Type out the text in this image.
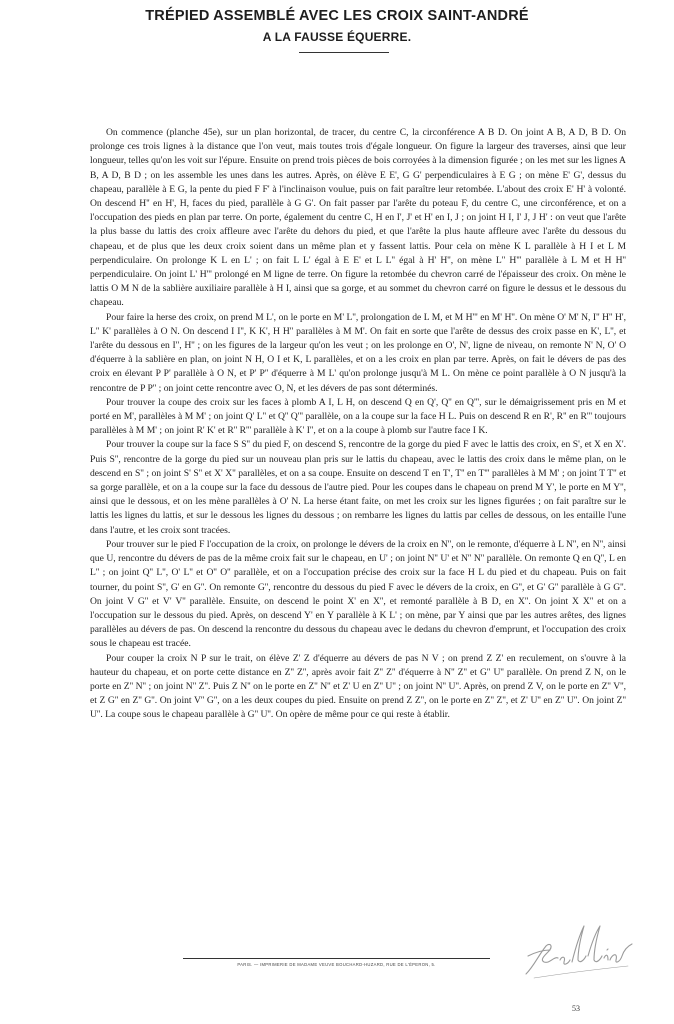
TRÉPIED ASSEMBLÉ AVEC LES CROIX SAINT-ANDRÉ
A LA FAUSSE ÉQUERRE.

On commence (planche 45e), sur un plan horizontal, de tracer, du centre C, la circonférence A B D. On joint A B, A D, B D. On prolonge ces trois lignes à la distance que l'on veut, mais toutes trois d'égale longueur. On figure la largeur des traverses, ainsi que leur longueur, telles qu'on les voit sur l'épure. Ensuite on prend trois pièces de bois corroyées à la dimension figurée ; on les met sur les lignes A B, A D, B D ; on les assemble les unes dans les autres. Après, on élève E E', G G' perpendiculaires à E G ; on mène E' G', dessus du chapeau, parallèle à E G, la pente du pied F F' à l'inclinaison voulue, puis on fait paraître leur retombée. L'about des croix E' H' à volonté. On descend H'' en H', H, faces du pied, parallèle à G G'. On fait passer par l'arête du poteau F, du centre C, une circonférence, et on a l'occupation des pieds en plan par terre. On porte, également du centre C, H en I', J' et H' en I, J ; on joint H I, I' J, J H' : on veut que l'arête la plus basse du lattis des croix affleure avec l'arête du dehors du pied, et que l'arête la plus haute affleure avec l'arête du dessous du chapeau, et de plus que les deux croix soient dans un même plan et y fassent lattis. Pour cela on mène K L parallèle à H I et L M perpendiculaire. On prolonge K L en L' ; on fait L L' égal à E E' et L L'' égal à H' H'', on mène L'' H''' parallèle à L M et H H'' perpendiculaire. On joint L' H''' prolongé en M ligne de terre. On figure la retombée du chevron carré de l'épaisseur des croix. On mène le lattis O M N de la sablière auxiliaire parallèle à H I, ainsi que sa gorge, et au sommet du chevron carré on figure le dessus et le dessous du chapeau.

Pour faire la herse des croix, on prend M L', on le porte en M' L'', prolongation de L M, et M H''' en M' H''. On mène O' M' N, I'' H'' H', L'' K' parallèles à O N. On descend I I'', K K', H H'' parallèles à M M'. On fait en sorte que l'arête de dessus des croix passe en K', L'', et l'arête du dessous en I'', H'' ; on les figures de la largeur qu'on les veut ; on les prolonge en O', N', ligne de niveau, on remonte N' N, O' O d'équerre à la sablière en plan, on joint N H, O I et K, L parallèles, et on a les croix en plan par terre. Après, on fait le dévers de pas des croix en élevant P P' parallèle à O N, et P' P'' d'équerre à M L' qu'on prolonge jusqu'à M L. On mène ce point parallèle à O N jusqu'à la rencontre de P P'' ; on joint cette rencontre avec O, N, et les dévers de pas sont déterminés.

Pour trouver la coupe des croix sur les faces à plomb A I, L H, on descend Q en Q', Q'' en Q''', sur le démaigrissement pris en M et porté en M', parallèles à M M' ; on joint Q' L'' et Q'' Q''' parallèle, on a la coupe sur la face H L. Puis on descend R en R', R'' en R''' toujours parallèles à M M' ; on joint R' K' et R'' R''' parallèle à K' I'', et on a la coupe à plomb sur l'autre face I K.

Pour trouver la coupe sur la face S S'' du pied F, on descend S, rencontre de la gorge du pied F avec le lattis des croix, en S', et X en X'. Puis S'', rencontre de la gorge du pied sur un nouveau plan pris sur le lattis du chapeau, avec le lattis des croix dans le même plan, on le descend en S'' ; on joint S' S'' et X' X'' parallèles, et on a sa coupe. Ensuite on descend T en T', T'' en T''' parallèles à M M' ; on joint T T'' et sa gorge parallèle, et on a la coupe sur la face du dessous de l'autre pied. Pour les coupes dans le chapeau on prend M Y', le porte en M Y'', ainsi que le dessous, et on les mène parallèles à O' N. La herse étant faite, on met les croix sur les lignes figurées ; on fait paraître sur le lattis les lignes du lattis, et sur le dessous les lignes du dessous ; on rembarre les lignes du lattis par celles de dessous, on les entaille l'une dans l'autre, et les croix sont tracées.

Pour trouver sur le pied F l'occupation de la croix, on prolonge le dévers de la croix en N'', on le remonte, d'équerre à L N'', en N'', ainsi que U, rencontre du dévers de pas de la même croix fait sur le chapeau, en U' ; on joint N'' U' et N'' N'' parallèle. On remonte Q en Q'', L en L'' ; on joint Q'' L'', O' L'' et O'' O'' parallèle, et on a l'occupation précise des croix sur la face H L du pied et du chapeau. Puis on fait tourner, du point S'', G' en G''. On remonte G'', rencontre du dessous du pied F avec le dévers de la croix, en G'', et G' G'' parallèle à G G''. On joint V G'' et V' V'' parallèle. Ensuite, on descend le point X' en X'', et remonté parallèle à B D, en X''. On joint X X'' et on a l'occupation sur le dessous du pied. Après, on descend Y' en Y parallèle à K L' ; on mène, par Y ainsi que par les autres arêtes, des lignes parallèles au dévers de pas. On descend la rencontre du dessous du chapeau avec le dedans du chevron d'emprunt, et l'occupation des croix sous le chapeau est tracée.

Pour couper la croix N P sur le trait, on élève Z' Z d'équerre au dévers de pas N V ; on prend Z Z' en reculement, on s'ouvre à la hauteur du chapeau, et on porte cette distance en Z'' Z'', après avoir fait Z'' Z'' d'équerre à N'' Z'' et G'' U'' parallèle. On prend Z N, on le porte en Z'' N'' ; on joint N'' Z''. Puis Z N'' on le porte en Z'' N'' et Z' U en Z'' U'' ; on joint N'' U''. Après, on prend Z V, on le porte en Z'' V'', et Z G'' en Z'' G''. On joint V'' G'', on a les deux coupes du pied. Ensuite on prend Z Z'', on le porte en Z'' Z'', et Z' U'' en Z'' U''. On joint Z'' U''. La coupe sous le chapeau parallèle à G'' U''. On opère de même pour ce qui reste à établir.

PARIS. — IMPRIMERIE DE MADAME VEUVE BOUCHARD-HUZARD, RUE DE L'ÉPERON, 5.
53
